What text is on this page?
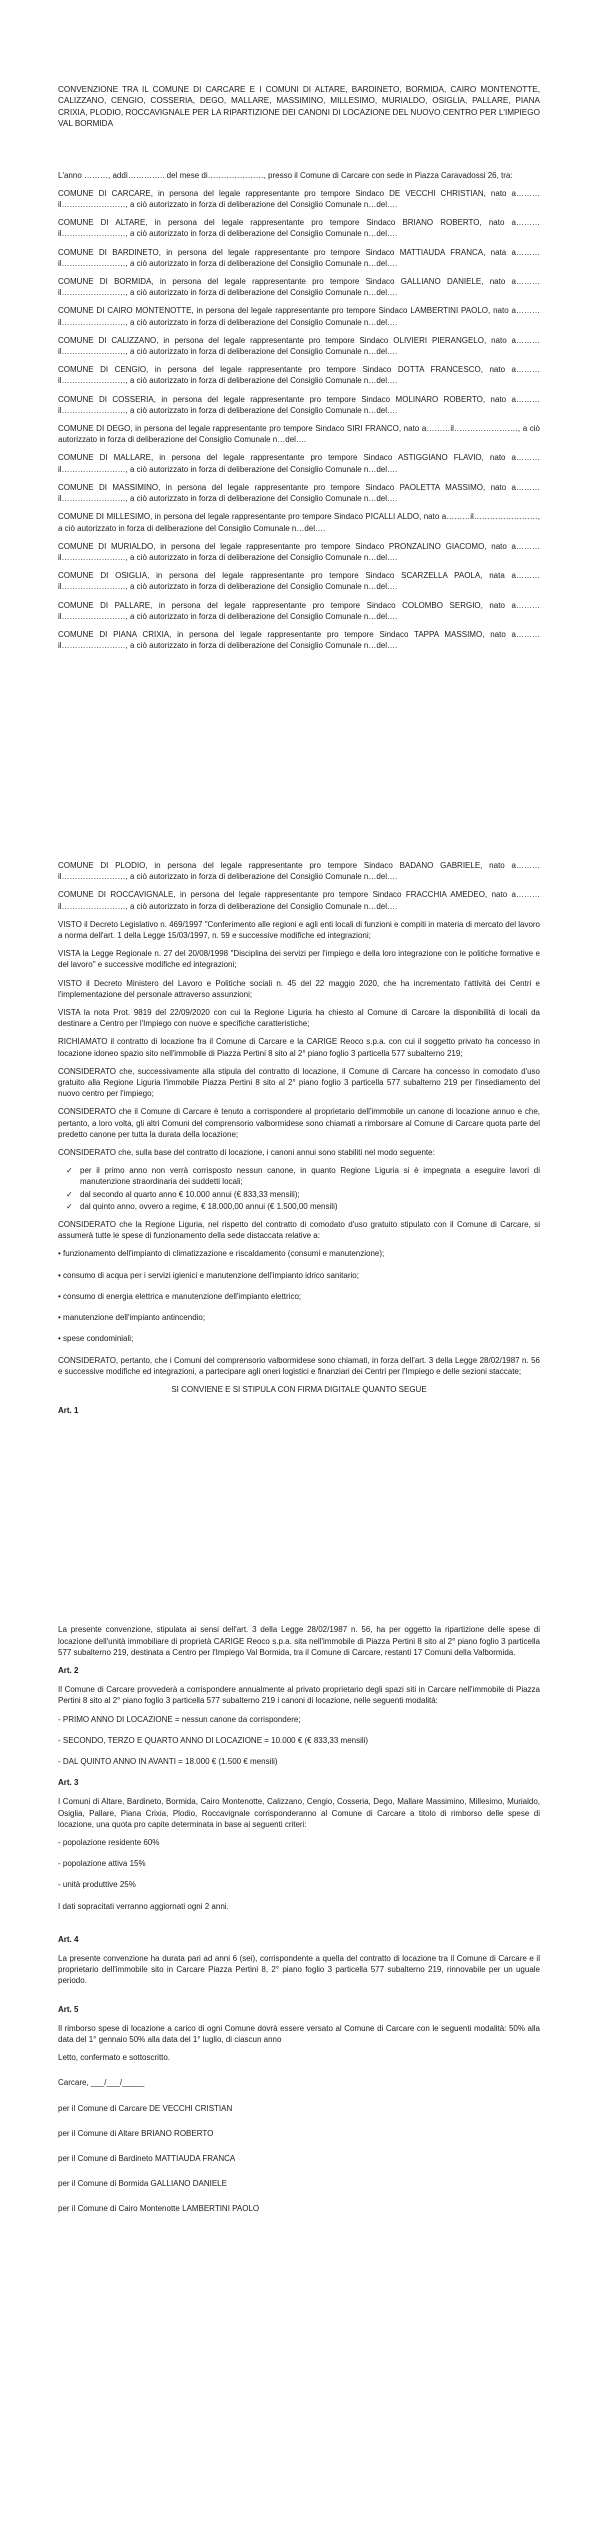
CONVENZIONE TRA IL COMUNE DI CARCARE E I COMUNI DI ALTARE, BARDINETO, BORMIDA, CAIRO MONTENOTTE, CALIZZANO, CENGIO, COSSERIA, DEGO, MALLARE, MASSIMINO, MILLESIMO, MURIALDO, OSIGLIA, PALLARE, PIANA CRIXIA, PLODIO, ROCCAVIGNALE PER LA RIPARTIZIONE DEI CANONI DI LOCAZIONE DEL NUOVO CENTRO PER L'IMPIEGO VAL BORMIDA

L'anno ………, addì………….. del mese di…………………, presso il Comune di Carcare con sede in Piazza Caravadossi 26, tra:

COMUNE DI CARCARE, in persona del legale rappresentante pro tempore Sindaco DE VECCHI CHRISTIAN, nato a………il……………………, a ciò autorizzato in forza di deliberazione del Consiglio Comunale n…del….

COMUNE DI ALTARE, in persona del legale rappresentante pro tempore Sindaco BRIANO ROBERTO, nato a………il……………………, a ciò autorizzato in forza di deliberazione del Consiglio Comunale n…del….

COMUNE DI BARDINETO, in persona del legale rappresentante pro tempore Sindaco MATTIAUDA FRANCA, nata a………il……………………, a ciò autorizzato in forza di deliberazione del Consiglio Comunale n…del….

COMUNE DI BORMIDA, in persona del legale rappresentante pro tempore Sindaco GALLIANO DANIELE, nato a………il……………………, a ciò autorizzato in forza di deliberazione del Consiglio Comunale n…del….

COMUNE DI CAIRO MONTENOTTE, in persona del legale rappresentante pro tempore Sindaco LAMBERTINI PAOLO, nato a………il……………………, a ciò autorizzato in forza di deliberazione del Consiglio Comunale n…del….

COMUNE DI CALIZZANO, in persona del legale rappresentante pro tempore Sindaco OLIVIERI PIERANGELO, nato a………il……………………, a ciò autorizzato in forza di deliberazione del Consiglio Comunale n…del….

COMUNE DI CENGIO, in persona del legale rappresentante pro tempore Sindaco DOTTA FRANCESCO, nato a………il……………………, a ciò autorizzato in forza di deliberazione del Consiglio Comunale n…del….

COMUNE DI COSSERIA, in persona del legale rappresentante pro tempore Sindaco MOLINARO ROBERTO, nato a………il……………………, a ciò autorizzato in forza di deliberazione del Consiglio Comunale n…del….

COMUNE DI DEGO, in persona del legale rappresentante pro tempore Sindaco SIRI FRANCO, nato a………il……………………, a ciò autorizzato in forza di deliberazione del Consiglio Comunale n…del….

COMUNE DI MALLARE, in persona del legale rappresentante pro tempore Sindaco ASTIGGIANO FLAVIO, nato a………il……………………, a ciò autorizzato in forza di deliberazione del Consiglio Comunale n…del….

COMUNE DI MASSIMINO, in persona del legale rappresentante pro tempore Sindaco PAOLETTA MASSIMO, nato a………il……………………, a ciò autorizzato in forza di deliberazione del Consiglio Comunale n…del….

COMUNE DI MILLESIMO, in persona del legale rappresentante pro tempore Sindaco PICALLI ALDO, nato a………il……………………, a ciò autorizzato in forza di deliberazione del Consiglio Comunale n…del….

COMUNE DI MURIALDO, in persona del legale rappresentante pro tempore Sindaco PRONZALINO GIACOMO, nato a………il……………………, a ciò autorizzato in forza di deliberazione del Consiglio Comunale n…del….

COMUNE DI OSIGLIA, in persona del legale rappresentante pro tempore Sindaco SCARZELLA PAOLA, nata a………il……………………, a ciò autorizzato in forza di deliberazione del Consiglio Comunale n…del….

COMUNE DI PALLARE, in persona del legale rappresentante pro tempore Sindaco COLOMBO SERGIO, nato a………il……………………, a ciò autorizzato in forza di deliberazione del Consiglio Comunale n…del….

COMUNE DI PIANA CRIXIA, in persona del legale rappresentante pro tempore Sindaco TAPPA MASSIMO, nato a………il……………………, a ciò autorizzato in forza di deliberazione del Consiglio Comunale n…del….

COMUNE DI PLODIO, in persona del legale rappresentante pro tempore Sindaco BADANO GABRIELE, nato a………il……………………, a ciò autorizzato in forza di deliberazione del Consiglio Comunale n…del….

COMUNE DI ROCCAVIGNALE, in persona del legale rappresentante pro tempore Sindaco FRACCHIA AMEDEO, nato a………il……………………, a ciò autorizzato in forza di deliberazione del Consiglio Comunale n…del….

VISTO il Decreto Legislativo n. 469/1997 "Conferimento alle regioni e agli enti locali di funzioni e compiti in materia di mercato del lavoro a norma dell'art. 1 della Legge 15/03/1997, n. 59 e successive modifiche ed integrazioni;

VISTA la Legge Regionale n. 27 del 20/08/1998 "Disciplina dei servizi per l'impiego e della loro integrazione con le politiche formative e del lavoro" e successive modifiche ed integrazioni;

VISTO il Decreto Ministero del Lavoro e Politiche sociali n. 45 del 22 maggio 2020, che ha incrementato l'attività dei Centri e l'implementazione del personale attraverso assunzioni;

VISTA la nota Prot. 9819 del 22/09/2020 con cui la Regione Liguria ha chiesto al Comune di Carcare la disponibilità di locali da destinare a Centro per l'Impiego con nuove e specifiche caratteristiche;

RICHIAMATO il contratto di locazione fra il Comune di Carcare e la CARIGE Reoco s.p.a. con cui il soggetto privato ha concesso in locazione idoneo spazio sito nell'immobile di Piazza Pertini 8 sito al 2° piano foglio 3 particella 577 subalterno 219;

CONSIDERATO che, successivamente alla stipula del contratto di locazione, il Comune di Carcare ha concesso in comodato d'uso gratuito alla Regione Liguria l'immobile Piazza Pertini 8 sito al 2° piano foglio 3 particella 577 subalterno 219 per l'insediamento del nuovo centro per l'impiego;

CONSIDERATO che il Comune di Carcare è tenuto a corrispondere al proprietario dell'immobile un canone di locazione annuo e che, pertanto, a loro volta, gli altri Comuni del comprensorio valbormidese sono chiamati a rimborsare al Comune di Carcare quota parte del predetto canone per tutta la durata della locazione;

CONSIDERATO che, sulla base del contratto di locazione, i canoni annui sono stabiliti nel modo seguente:

✓ per il primo anno non verrà corrisposto nessun canone, in quanto Regione Liguria si è impegnata a eseguire lavori di manutenzione straordinaria dei suddetti locali;
✓ dal secondo al quarto anno € 10.000 annui (€ 833,33 mensili);
✓ dal quinto anno, ovvero a regime, € 18.000,00 annui (€ 1.500,00 mensili)

CONSIDERATO che la Regione Liguria, nel rispetto del contratto di comodato d'uso gratuito stipulato con il Comune di Carcare, si assumerà tutte le spese di funzionamento della sede distaccata relative a:

• funzionamento dell'impianto di climatizzazione e riscaldamento (consumi e manutenzione);

• consumo di acqua per i servizi igienici e manutenzione dell'impianto idrico sanitario;

• consumo di energia elettrica e manutenzione dell'impianto elettrico;

• manutenzione dell'impianto antincendio;

• spese condominiali;

CONSIDERATO, pertanto, che i Comuni del comprensorio valbormidese sono chiamati, in forza dell'art. 3 della Legge 28/02/1987 n. 56 e successive modifiche ed integrazioni, a partecipare agli oneri logistici e finanziari dei Centri per l'Impiego e delle sezioni staccate;

SI CONVIENE E SI STIPULA CON FIRMA DIGITALE QUANTO SEGUE

Art. 1

La presente convenzione, stipulata ai sensi dell'art. 3 della Legge 28/02/1987 n. 56, ha per oggetto la ripartizione delle spese di locazione dell'unità immobiliare di proprietà CARIGE Reoco s.p.a. sita nell'immobile di Piazza Pertini 8 sito al 2° piano foglio 3 particella 577 subalterno 219, destinata a Centro per l'Impiego Val Bormida, tra il Comune di Carcare, restanti 17 Comuni della Valbormida.

Art. 2

Il Comune di Carcare provvederà a corrispondere annualmente al privato proprietario degli spazi siti in Carcare nell'immobile di Piazza Pertini 8 sito al 2° piano foglio 3 particella 577 subalterno 219 i canoni di locazione, nelle seguenti modalità:

- PRIMO ANNO DI LOCAZIONE = nessun canone da corrispondere;

- SECONDO, TERZO E QUARTO ANNO DI LOCAZIONE = 10.000 € (€ 833,33 mensili)

- DAL QUINTO ANNO IN AVANTI = 18.000 € (1.500 € mensili)

Art. 3

I Comuni di Altare, Bardineto, Bormida, Cairo Montenotte, Calizzano, Cengio, Cosseria, Dego, Mallare Massimino, Millesimo, Murialdo, Osiglia, Pallare, Piana Crixia, Plodio, Roccavignale corrisponderanno al Comune di Carcare a titolo di rimborso delle spese di locazione, una quota pro capite determinata in base ai seguenti criteri:

- popolazione residente 60%

- popolazione attiva 15%

- unità produttive 25%

I dati sopracitati verranno aggiornati ogni 2 anni.

Art. 4

La presente convenzione ha durata pari ad anni 6 (sei), corrispondente a quella del contratto di locazione tra il Comune di Carcare e il proprietario dell'immobile sito in Carcare Piazza Pertini 8, 2° piano foglio 3 particella 577 subalterno 219, rinnovabile per un uguale periodo.

Art. 5

Il rimborso spese di locazione a carico di ogni Comune dovrà essere versato al Comune di Carcare con le seguenti modalità: 50% alla data del 1° gennaio 50% alla data del 1° luglio, di ciascun anno

Letto, confermato e sottoscritto.

Carcare, ___/___/_____

per il Comune di Carcare DE VECCHI CRISTIAN

per il Comune di Altare BRIANO ROBERTO

per il Comune di Bardineto MATTIAUDA FRANCA

per il Comune di Bormida GALLIANO DANIELE

per il Comune di Cairo Montenotte LAMBERTINI PAOLO
